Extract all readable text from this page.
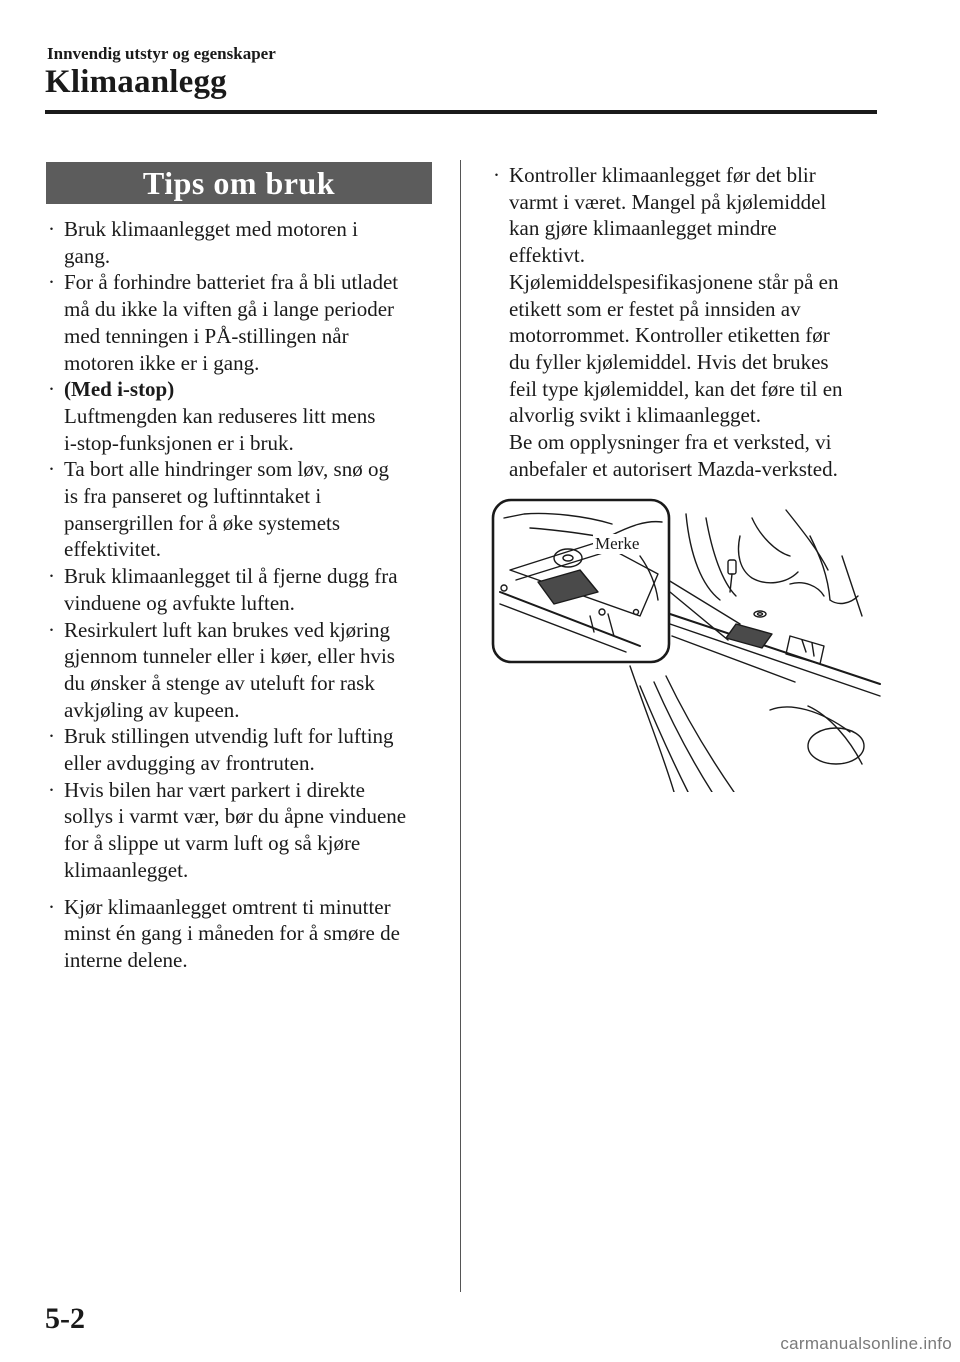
Innvendig utstyr og egenskaper
Klimaanlegg
Tips om bruk
· Bruk klimaanlegget med motoren i
gang.
· For å forhindre batteriet fra å bli utladet
må du ikke la viften gå i lange perioder
med tenningen i PÅ-stillingen når
motoren ikke er i gang.
· (Med i-stop)
Luftmengden kan reduseres litt mens
i-stop-funksjonen er i bruk.
· Ta bort alle hindringer som løv, snø og
is fra panseret og luftinntaket i
pansergrillen for å øke systemets
effektivitet.
· Bruk klimaanlegget til å fjerne dugg fra
vinduene og avfukte luften.
· Resirkulert luft kan brukes ved kjøring
gjennom tunneler eller i køer, eller hvis
du ønsker å stenge av uteluft for rask
avkjøling av kupeen.
· Bruk stillingen utvendig luft for lufting
eller avdugging av frontruten.
· Hvis bilen har vært parkert i direkte
sollys i varmt vær, bør du åpne vinduene
for å slippe ut varm luft og så kjøre
klimaanlegget.
· Kjør klimaanlegget omtrent ti minutter
minst én gang i måneden for å smøre de
interne delene.
· Kontroller klimaanlegget før det blir
varmt i været. Mangel på kjølemiddel
kan gjøre klimaanlegget mindre
effektivt.
Kjølemiddelspesifikasjonene står på en
etikett som er festet på innsiden av
motorrommet. Kontroller etiketten før
du fyller kjølemiddel. Hvis det brukes
feil type kjølemiddel, kan det føre til en
alvorlig svikt i klimaanlegget.
Be om opplysninger fra et verksted, vi
anbefaler et autorisert Mazda-verksted.
Merke
5-2
carmanualsonline.info
